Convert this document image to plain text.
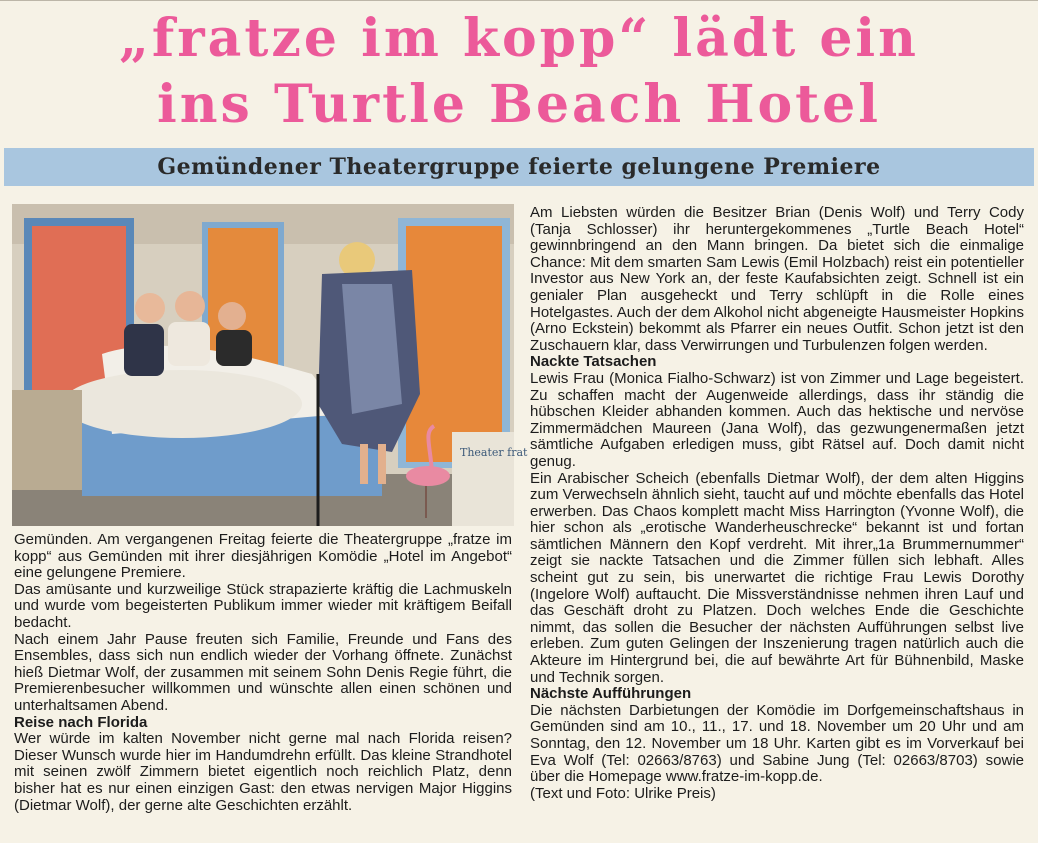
„fratze im kopp“ lädt ein
ins Turtle Beach Hotel
Gemündener Theatergruppe feierte gelungene Premiere
Theater frat

Gemünden. Am vergangenen Freitag feierte die Theatergruppe „fratze im kopp“ aus Gemünden mit ihrer diesjährigen Komödie „Hotel im Angebot“ eine gelungene Premiere.

Das amüsante und kurzweilige Stück strapazierte kräftig die Lachmuskeln und wurde vom begeisterten Publikum immer wieder mit kräftigem Beifall bedacht.

Nach einem Jahr Pause freuten sich Familie, Freunde und Fans des Ensembles, dass sich nun endlich wieder der Vorhang öffnete. Zunächst hieß Dietmar Wolf, der zusammen mit seinem Sohn Denis Regie führt, die Premierenbesucher willkommen und wünschte allen einen schönen und unterhaltsamen Abend.

Reise nach Florida

Wer würde im kalten November nicht gerne mal nach Florida reisen? Dieser Wunsch wurde hier im Handumdrehn erfüllt. Das kleine Strandhotel mit seinen zwölf Zimmern bietet eigentlich noch reichlich Platz, denn bisher hat es nur einen einzigen Gast: den etwas nervigen Major Higgins (Dietmar Wolf), der gerne alte Geschichten erzählt.

Am Liebsten würden die Besitzer Brian (Denis Wolf) und Terry Cody (Tanja Schlosser) ihr heruntergekommenes „Turtle Beach Hotel“ gewinnbringend an den Mann bringen. Da bietet sich die einmalige Chance: Mit dem smarten Sam Lewis (Emil Holzbach) reist ein potentieller Investor aus New York an, der feste Kaufabsichten zeigt. Schnell ist ein genialer Plan ausgeheckt und Terry schlüpft in die Rolle eines Hotelgastes. Auch der dem Alkohol nicht abgeneigte Hausmeister Hopkins (Arno Eckstein) bekommt als Pfarrer ein neues Outfit. Schon jetzt ist den Zuschauern klar, dass Verwirrungen und Turbulenzen folgen werden.

Nackte Tatsachen

Lewis Frau (Monica Fialho-Schwarz) ist von Zimmer und Lage begeistert. Zu schaffen macht der Augenweide allerdings, dass ihr ständig die hübschen Kleider abhanden kommen. Auch das hektische und nervöse Zimmermädchen Maureen (Jana Wolf), das gezwungenermaßen jetzt sämtliche Aufgaben erledigen muss, gibt Rätsel auf. Doch damit nicht genug.

Ein Arabischer Scheich (ebenfalls Dietmar Wolf), der dem alten Higgins zum Verwechseln ähnlich sieht, taucht auf und möchte ebenfalls das Hotel erwerben. Das Chaos komplett macht Miss Harrington (Yvonne Wolf), die hier schon als „erotische Wanderheuschrecke“ bekannt ist und fortan sämtlichen Männern den Kopf verdreht. Mit ihrer„1a Brummernummer“ zeigt sie nackte Tatsachen und die Zimmer füllen sich lebhaft. Alles scheint gut zu sein, bis unerwartet die richtige Frau Lewis Dorothy (Ingelore Wolf) auftaucht. Die Missverständnisse nehmen ihren Lauf und das Geschäft droht zu Platzen. Doch welches Ende die Geschichte nimmt, das sollen die Besucher der nächsten Aufführungen selbst live erleben. Zum guten Gelingen der Inszenierung tragen natürlich auch die Akteure im Hintergrund bei, die auf bewährte Art für Bühnenbild, Maske und Technik sorgen.

Nächste Aufführungen

Die nächsten Darbietungen der Komödie im Dorfgemeinschaftshaus in Gemünden sind am 10., 11., 17. und 18. November um 20 Uhr und am Sonntag, den 12. November um 18 Uhr. Karten gibt es im Vorverkauf bei Eva Wolf (Tel: 02663/8763) und Sabine Jung (Tel: 02663/8703) sowie über die Homepage www.fratze-im-kopp.de.

(Text und Foto: Ulrike Preis)
